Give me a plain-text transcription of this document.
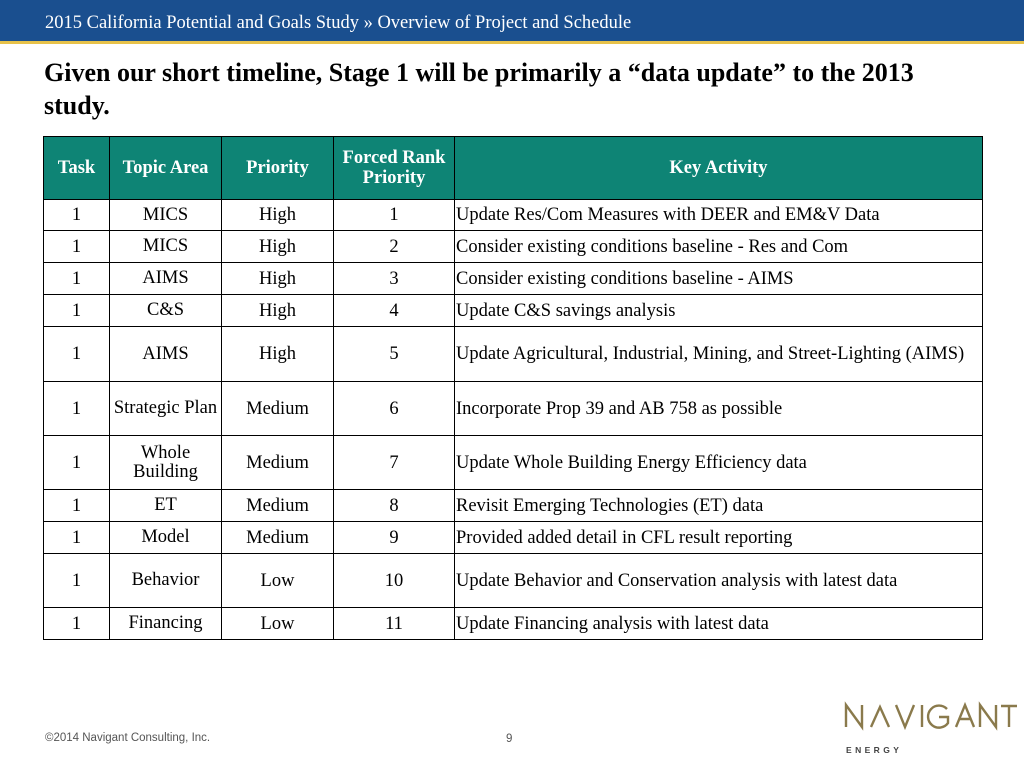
2015 California Potential and Goals Study » Overview of Project and Schedule
Given our short timeline, Stage 1 will be primarily a “data update” to the 2013 study.
Task	Topic Area	Priority	Forced Rank Priority	Key Activity
1	MICS	High	1	Update Res/Com Measures with DEER and EM&V Data
1	MICS	High	2	Consider existing conditions baseline - Res and Com
1	AIMS	High	3	Consider existing conditions baseline - AIMS
1	C&S	High	4	Update C&S savings analysis
1	AIMS	High	5	Update Agricultural, Industrial, Mining, and Street-Lighting (AIMS)
1	Strategic Plan	Medium	6	Incorporate Prop 39 and AB 758 as possible
1	Whole Building	Medium	7	Update Whole Building Energy Efficiency data
1	ET	Medium	8	Revisit Emerging Technologies (ET) data
1	Model	Medium	9	Provided added detail in CFL result reporting
1	Behavior	Low	10	Update Behavior and Conservation analysis with latest data
1	Financing	Low	11	Update Financing analysis with latest data
©2014 Navigant Consulting, Inc.	9
ENERGY
